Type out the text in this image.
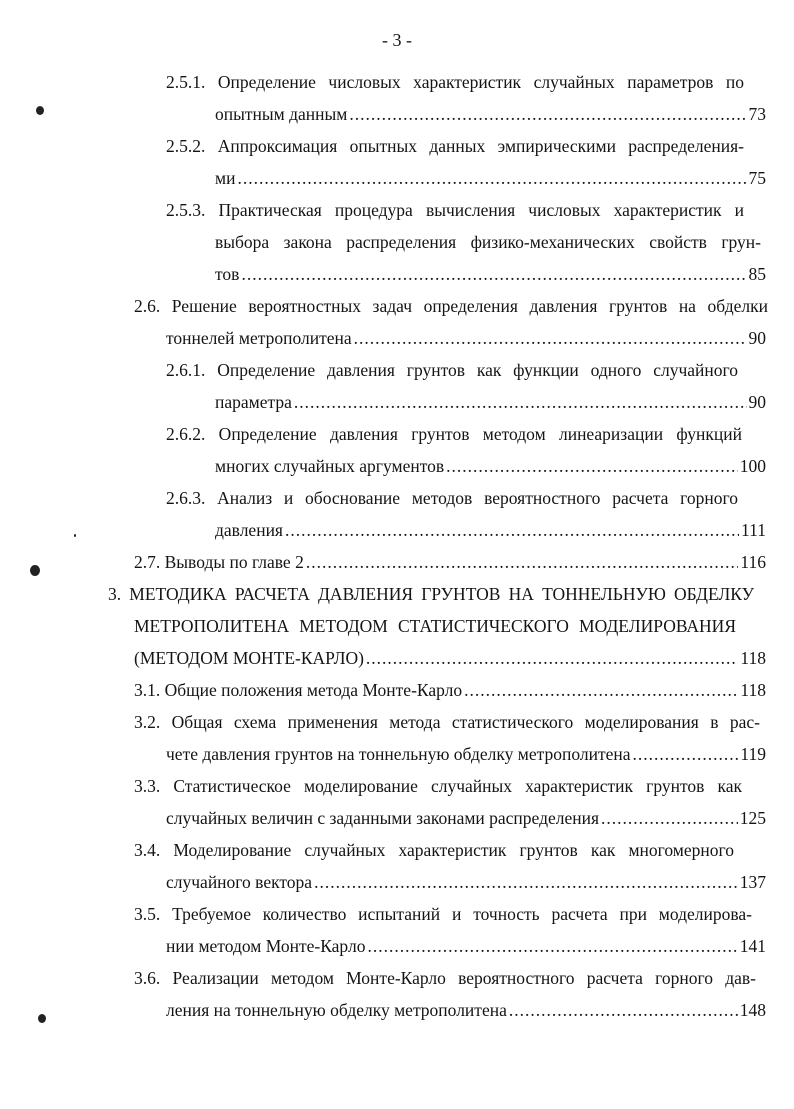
- 3 -
2.5.1. Определение числовых характеристик случайных параметров по
опытным данным .....	73
2.5.2. Аппроксимация опытных данных эмпирическими распределения-
ми .....	75
2.5.3. Практическая процедура вычисления числовых характеристик и
выбора закона распределения физико-механических свойств грун-
тов .....	85
2.6. Решение вероятностных задач определения давления грунтов на обделки
тоннелей метрополитена .....	90
2.6.1. Определение давления грунтов как функции одного случайного
параметра .....	90
2.6.2. Определение давления грунтов методом линеаризации функций
многих случайных аргументов .....	100
2.6.3. Анализ и обоснование методов вероятностного расчета горного
давления .....	111
2.7. Выводы по главе 2 .....	116
3. МЕТОДИКА РАСЧЕТА ДАВЛЕНИЯ ГРУНТОВ НА ТОННЕЛЬНУЮ ОБДЕЛКУ
МЕТРОПОЛИТЕНА МЕТОДОМ СТАТИСТИЧЕСКОГО МОДЕЛИРОВАНИЯ
(МЕТОДОМ МОНТЕ-КАРЛО) .....	118
3.1. Общие положения метода Монте-Карло .....	118
3.2. Общая схема применения метода статистического моделирования в рас-
чете давления грунтов на тоннельную обделку метрополитена .....	119
3.3. Статистическое моделирование случайных характеристик грунтов как
случайных величин с заданными законами распределения .....	125
3.4. Моделирование случайных характеристик грунтов как многомерного
случайного вектора .....	137
3.5. Требуемое количество испытаний и точность расчета при моделирова-
нии методом Монте-Карло .....	141
3.6. Реализации методом Монте-Карло вероятностного расчета горного дав-
ления на тоннельную обделку метрополитена .....	148
